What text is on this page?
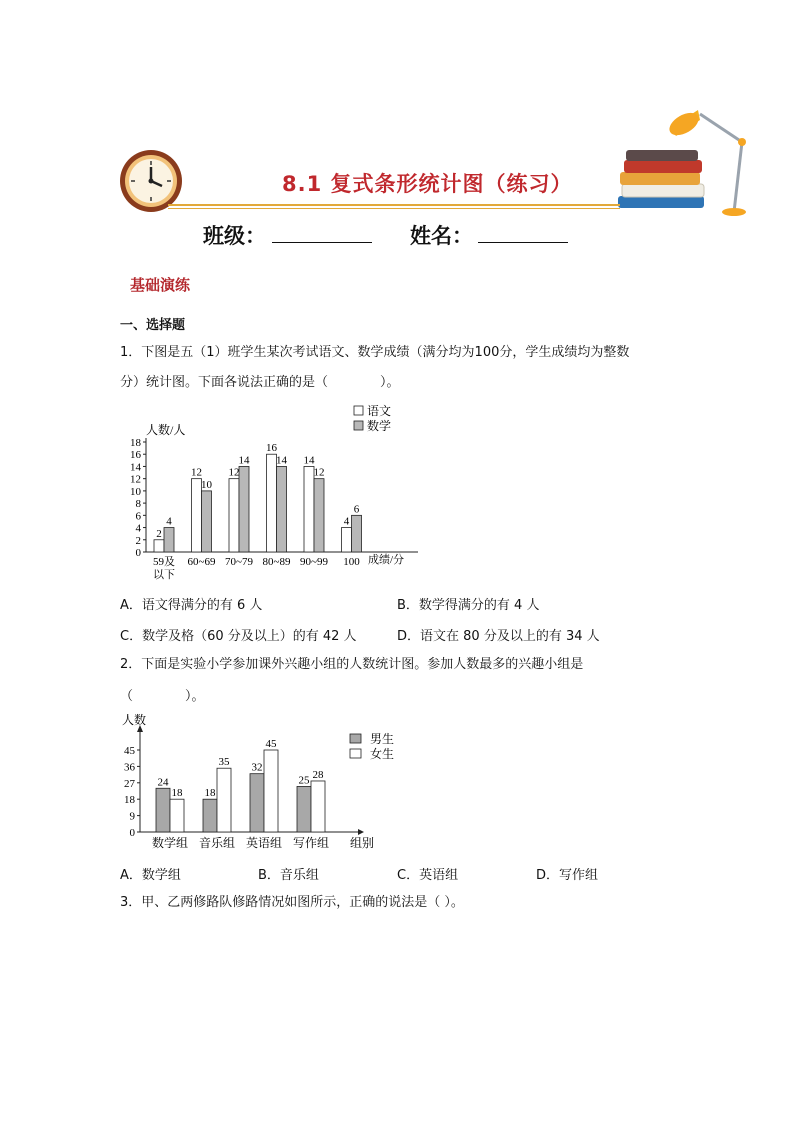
8.1 复式条形统计图（练习）
班级：	姓名：
基础演练
一、选择题
1．下图是五（1）班学生某次考试语文、数学成绩（满分均为100分，学生成绩均为整数
分）统计图。下面各说法正确的是（　　　　）。
0
2
4
6
8
10
12
14
16
18
人数/人
成绩/分
2
4
59及
以下
12
10
60~69
12
14
70~79
16
14
80~89
14
12
90~99
4
6
100
语文
数学
A．语文得满分的有 6 人	B．数学得满分的有 4 人
C．数学及格（60 分及以上）的有 42 人	D．语文在 80 分及以上的有 34 人
2．下面是实验小学参加课外兴趣小组的人数统计图。参加人数最多的兴趣小组是
（　　　　）。
0
9
18
27
36
45
人数
组别
24
18
数学组
18
35
音乐组
32
45
英语组
25 28
写作组
男生
女生
A．数学组	B．音乐组	C．英语组	D．写作组
3．甲、乙两修路队修路情况如图所示，正确的说法是（ ）。
